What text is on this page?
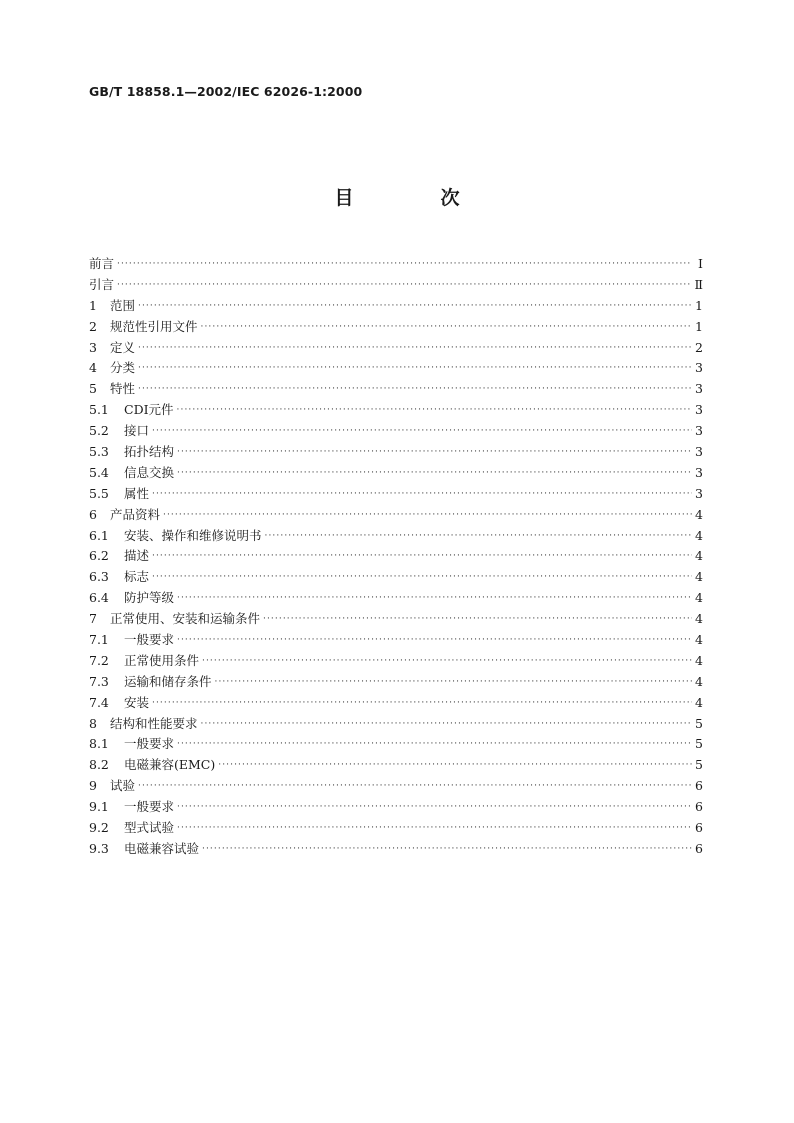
GB/T 18858.1—2002/IEC 62026-1:2000
目　次
前言 ·····	Ⅰ
引言 ·····	Ⅱ
1	范围 ·····	1
2	规范性引用文件 ·····	1
3	定义 ·····	2
4	分类 ·····	3
5	特性 ·····	3
5.1	CDI元件 ·····	3
5.2	接口 ·····	3
5.3	拓扑结构 ·····	3
5.4	信息交换 ·····	3
5.5	属性 ·····	3
6	产品资料 ·····	4
6.1	安装、操作和维修说明书 ·····	4
6.2	描述 ·····	4
6.3	标志 ·····	4
6.4	防护等级 ·····	4
7	正常使用、安装和运输条件 ·····	4
7.1	一般要求 ·····	4
7.2	正常使用条件 ·····	4
7.3	运输和储存条件 ·····	4
7.4	安装 ·····	4
8	结构和性能要求 ·····	5
8.1	一般要求 ·····	5
8.2	电磁兼容(EMC) ·····	5
9	试验 ·····	6
9.1	一般要求 ·····	6
9.2	型式试验 ·····	6
9.3	电磁兼容试验 ·····	6
